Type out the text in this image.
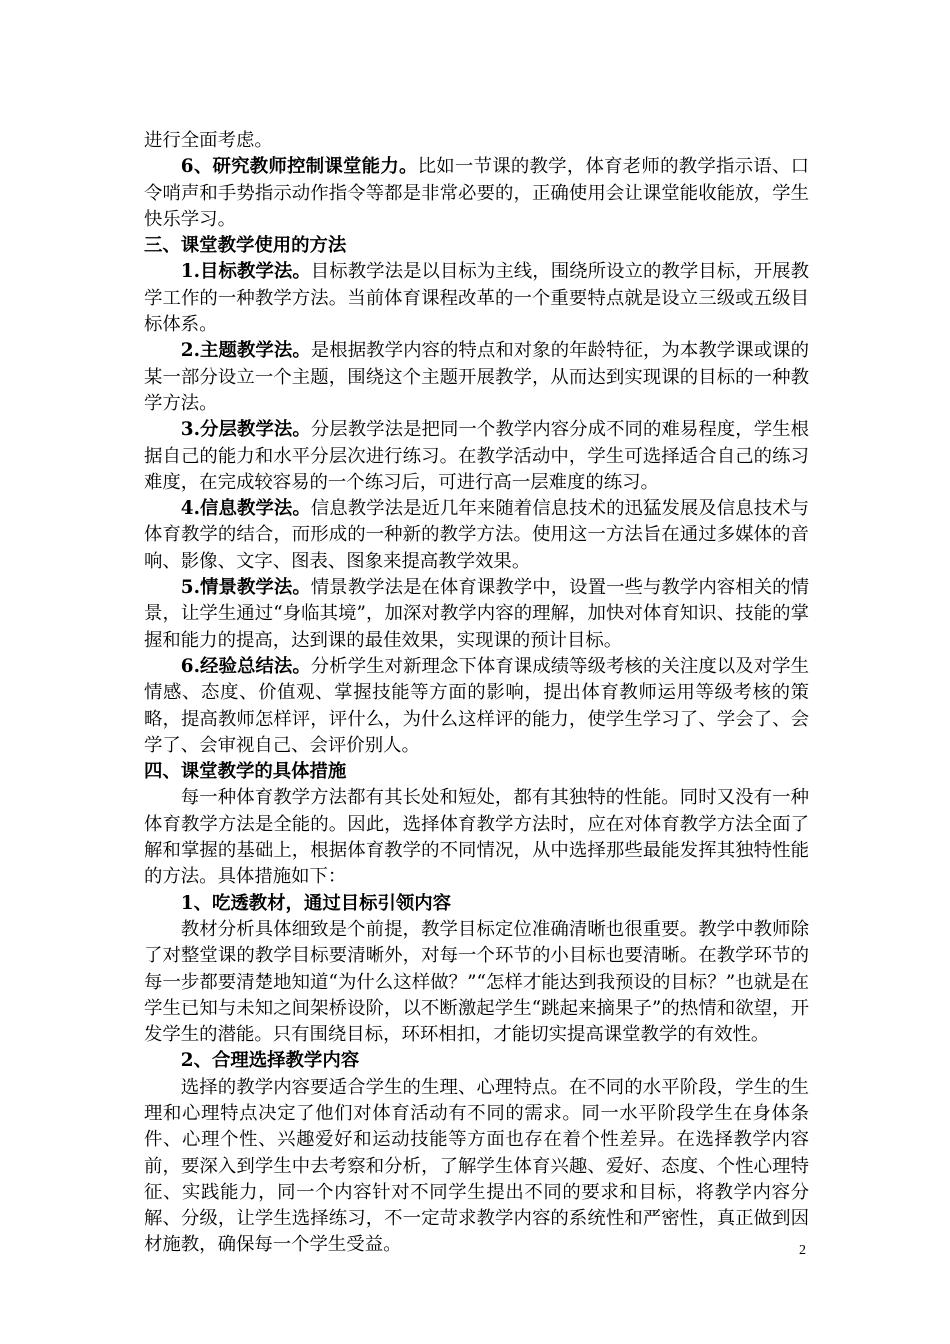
进行全面考虑。

6、研究教师控制课堂能力。比如一节课的教学，体育老师的教学指示语、口令哨声和手势指示动作指令等都是非常必要的，正确使用会让课堂能收能放，学生快乐学习。

三、课堂教学使用的方法

1.目标教学法。目标教学法是以目标为主线，围绕所设立的教学目标，开展教学工作的一种教学方法。当前体育课程改革的一个重要特点就是设立三级或五级目标体系。

2.主题教学法。是根据教学内容的特点和对象的年龄特征，为本教学课或课的某一部分设立一个主题，围绕这个主题开展教学，从而达到实现课的目标的一种教学方法。

3.分层教学法。分层教学法是把同一个教学内容分成不同的难易程度，学生根据自己的能力和水平分层次进行练习。在教学活动中，学生可选择适合自己的练习难度，在完成较容易的一个练习后，可进行高一层难度的练习。

4.信息教学法。信息教学法是近几年来随着信息技术的迅猛发展及信息技术与体育教学的结合，而形成的一种新的教学方法。使用这一方法旨在通过多媒体的音响、影像、文字、图表、图象来提高教学效果。

5.情景教学法。情景教学法是在体育课教学中，设置一些与教学内容相关的情景，让学生通过“身临其境”，加深对教学内容的理解，加快对体育知识、技能的掌握和能力的提高，达到课的最佳效果，实现课的预计目标。

6.经验总结法。分析学生对新理念下体育课成绩等级考核的关注度以及对学生情感、态度、价值观、掌握技能等方面的影响，提出体育教师运用等级考核的策略，提高教师怎样评，评什么，为什么这样评的能力，使学生学习了、学会了、会学了、会审视自己、会评价别人。

四、课堂教学的具体措施

每一种体育教学方法都有其长处和短处，都有其独特的性能。同时又没有一种体育教学方法是全能的。因此，选择体育教学方法时，应在对体育教学方法全面了解和掌握的基础上，根据体育教学的不同情况，从中选择那些最能发挥其独特性能的方法。具体措施如下：

1、吃透教材，通过目标引领内容

教材分析具体细致是个前提，教学目标定位准确清晰也很重要。教学中教师除了对整堂课的教学目标要清晰外，对每一个环节的小目标也要清晰。在教学环节的每一步都要清楚地知道“为什么这样做？”“怎样才能达到我预设的目标？”也就是在学生已知与未知之间架桥设阶，以不断激起学生“跳起来摘果子”的热情和欲望，开发学生的潜能。只有围绕目标，环环相扣，才能切实提高课堂教学的有效性。

2、合理选择教学内容

选择的教学内容要适合学生的生理、心理特点。在不同的水平阶段，学生的生理和心理特点决定了他们对体育活动有不同的需求。同一水平阶段学生在身体条件、心理个性、兴趣爱好和运动技能等方面也存在着个性差异。在选择教学内容前，要深入到学生中去考察和分析，了解学生体育兴趣、爱好、态度、个性心理特征、实践能力，同一个内容针对不同学生提出不同的要求和目标，将教学内容分解、分级，让学生选择练习，不一定苛求教学内容的系统性和严密性，真正做到因材施教，确保每一个学生受益。	2
